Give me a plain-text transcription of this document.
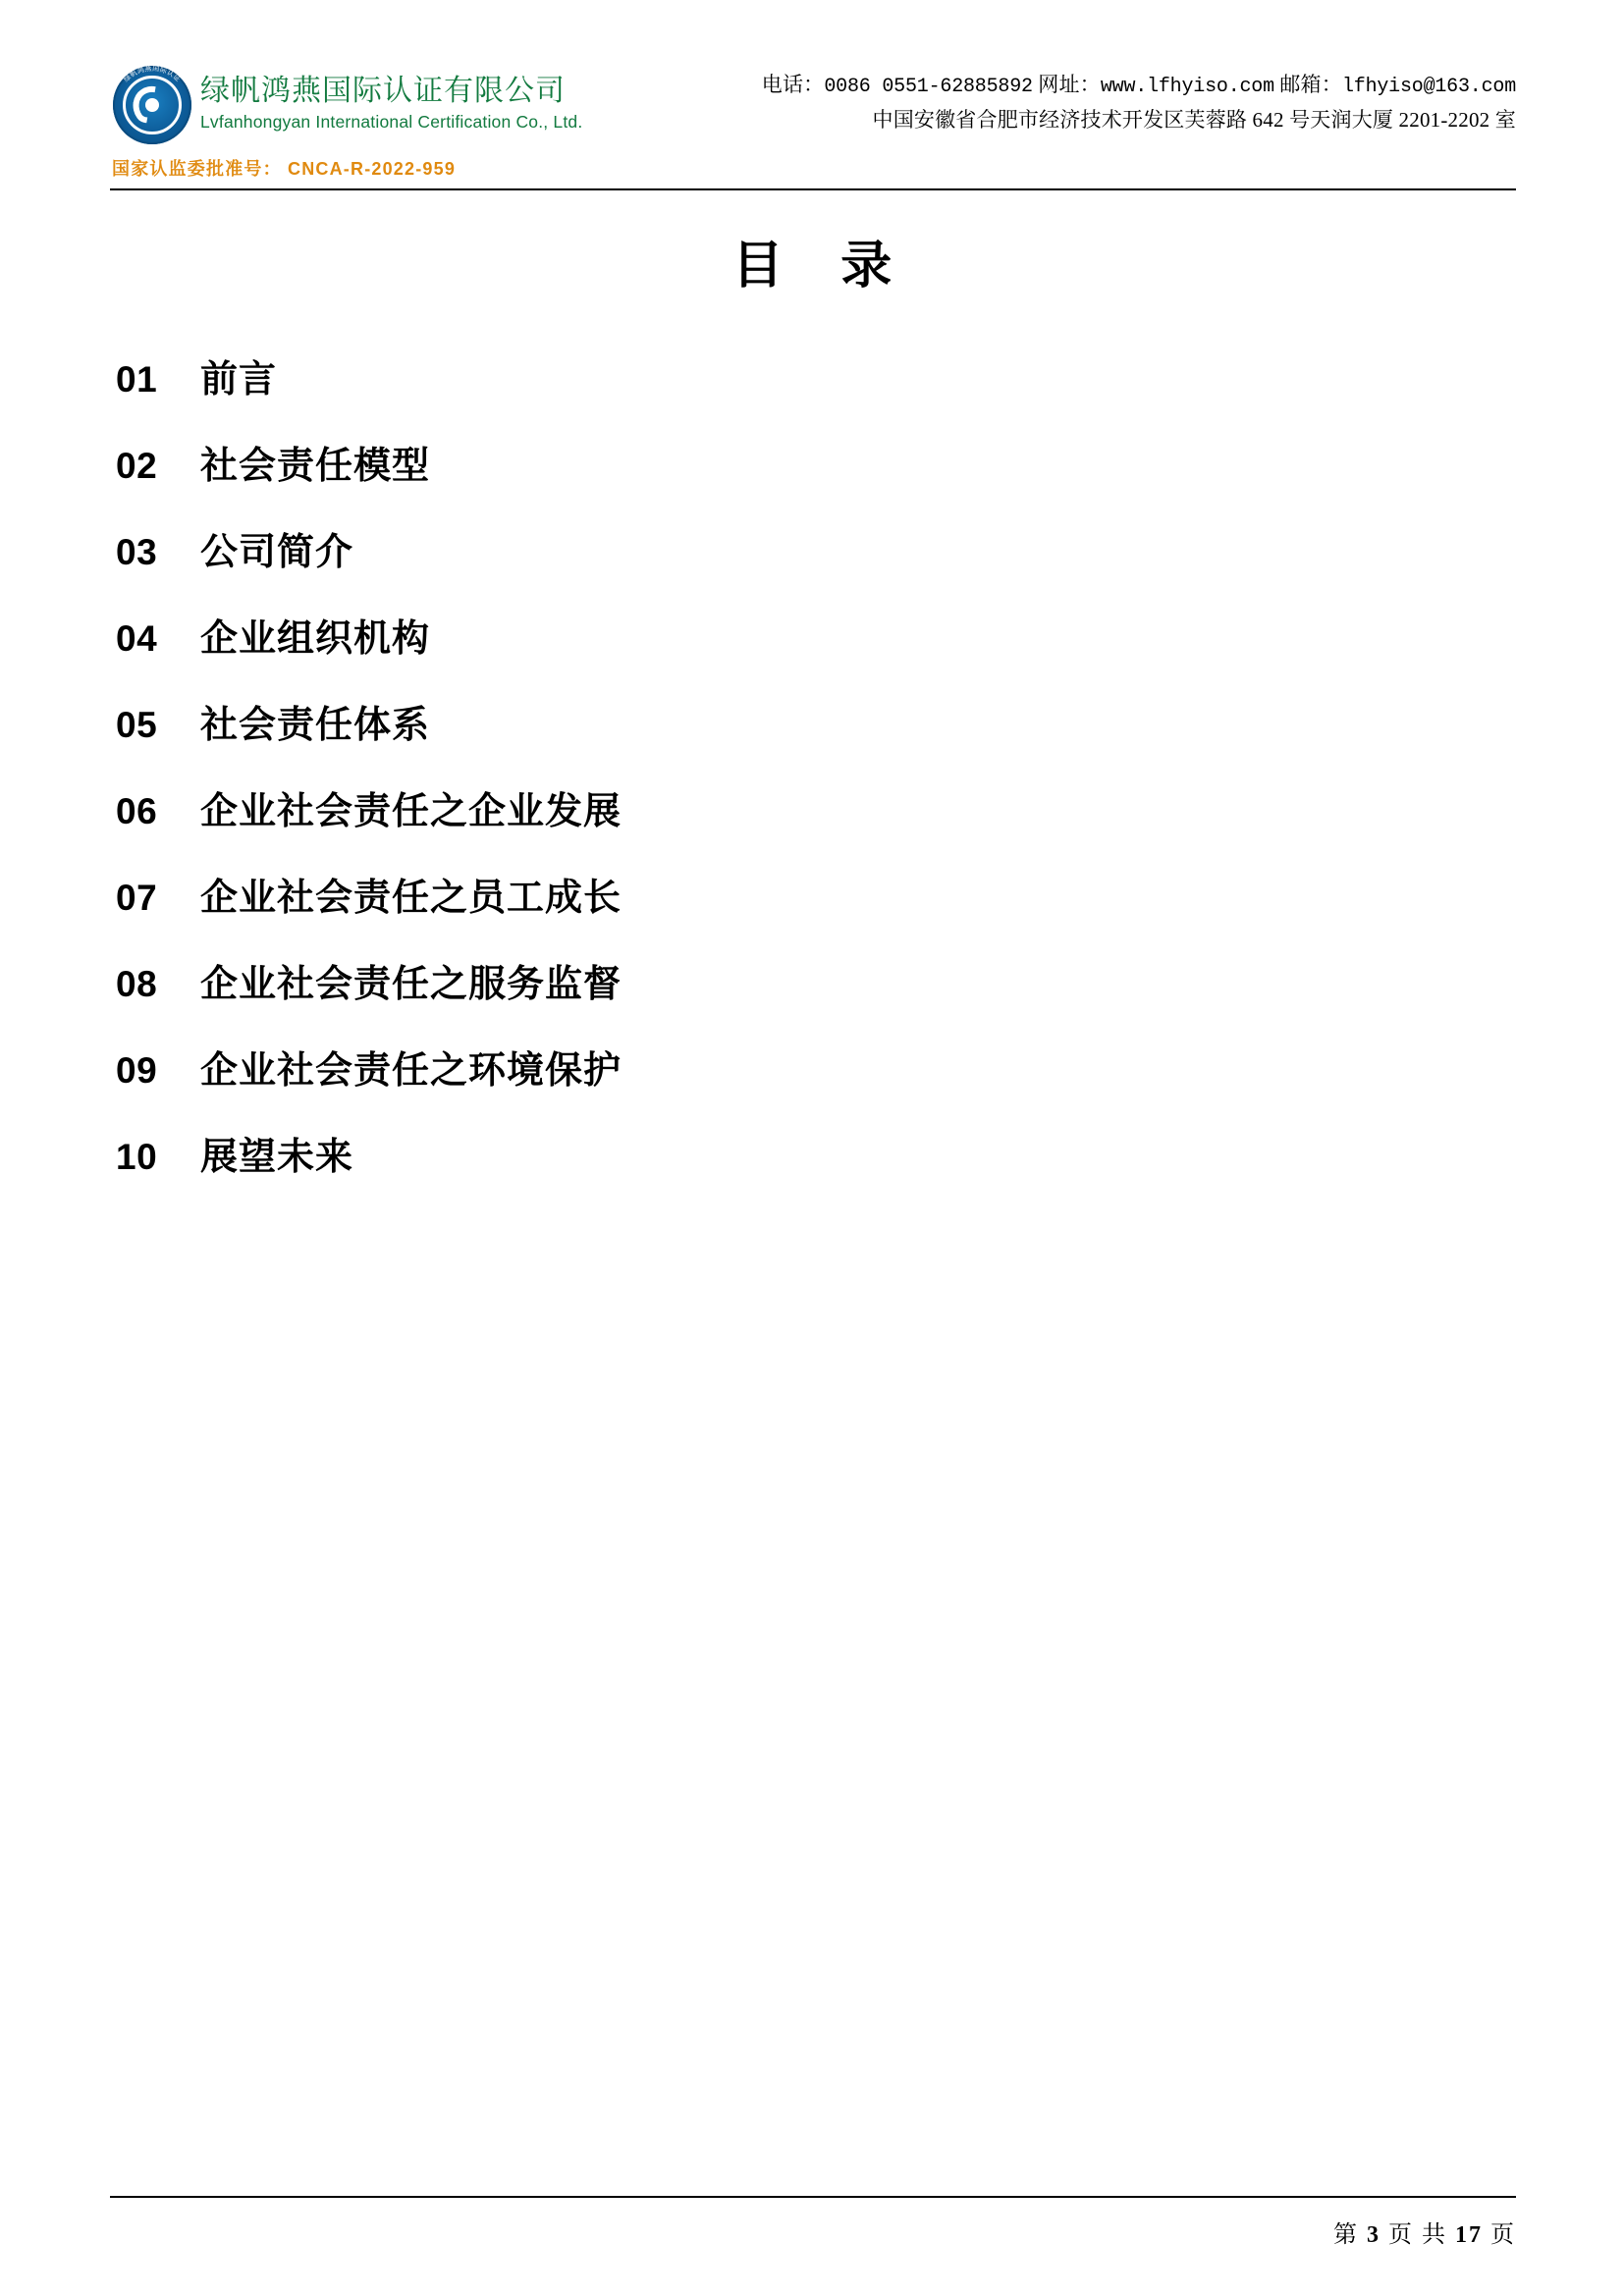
绿帆鸿燕国际认证 绿帆鸿燕国际认证有限公司
Lvfanhongyan International Certification Co., Ltd.
国家认监委批准号： CNCA-R-2022-959
电话：0086 0551-62885892 网址：www.lfhyiso.com 邮箱：lfhyiso@163.com
中国安徽省合肥市经济技术开发区芙蓉路 642 号天润大厦 2201-2202 室
目 录
01	前言
02	社会责任模型
03	公司简介
04	企业组织机构
05	社会责任体系
06	企业社会责任之企业发展
07	企业社会责任之员工成长
08	企业社会责任之服务监督
09	企业社会责任之环境保护
10	展望未来
第 3 页 共 17 页
